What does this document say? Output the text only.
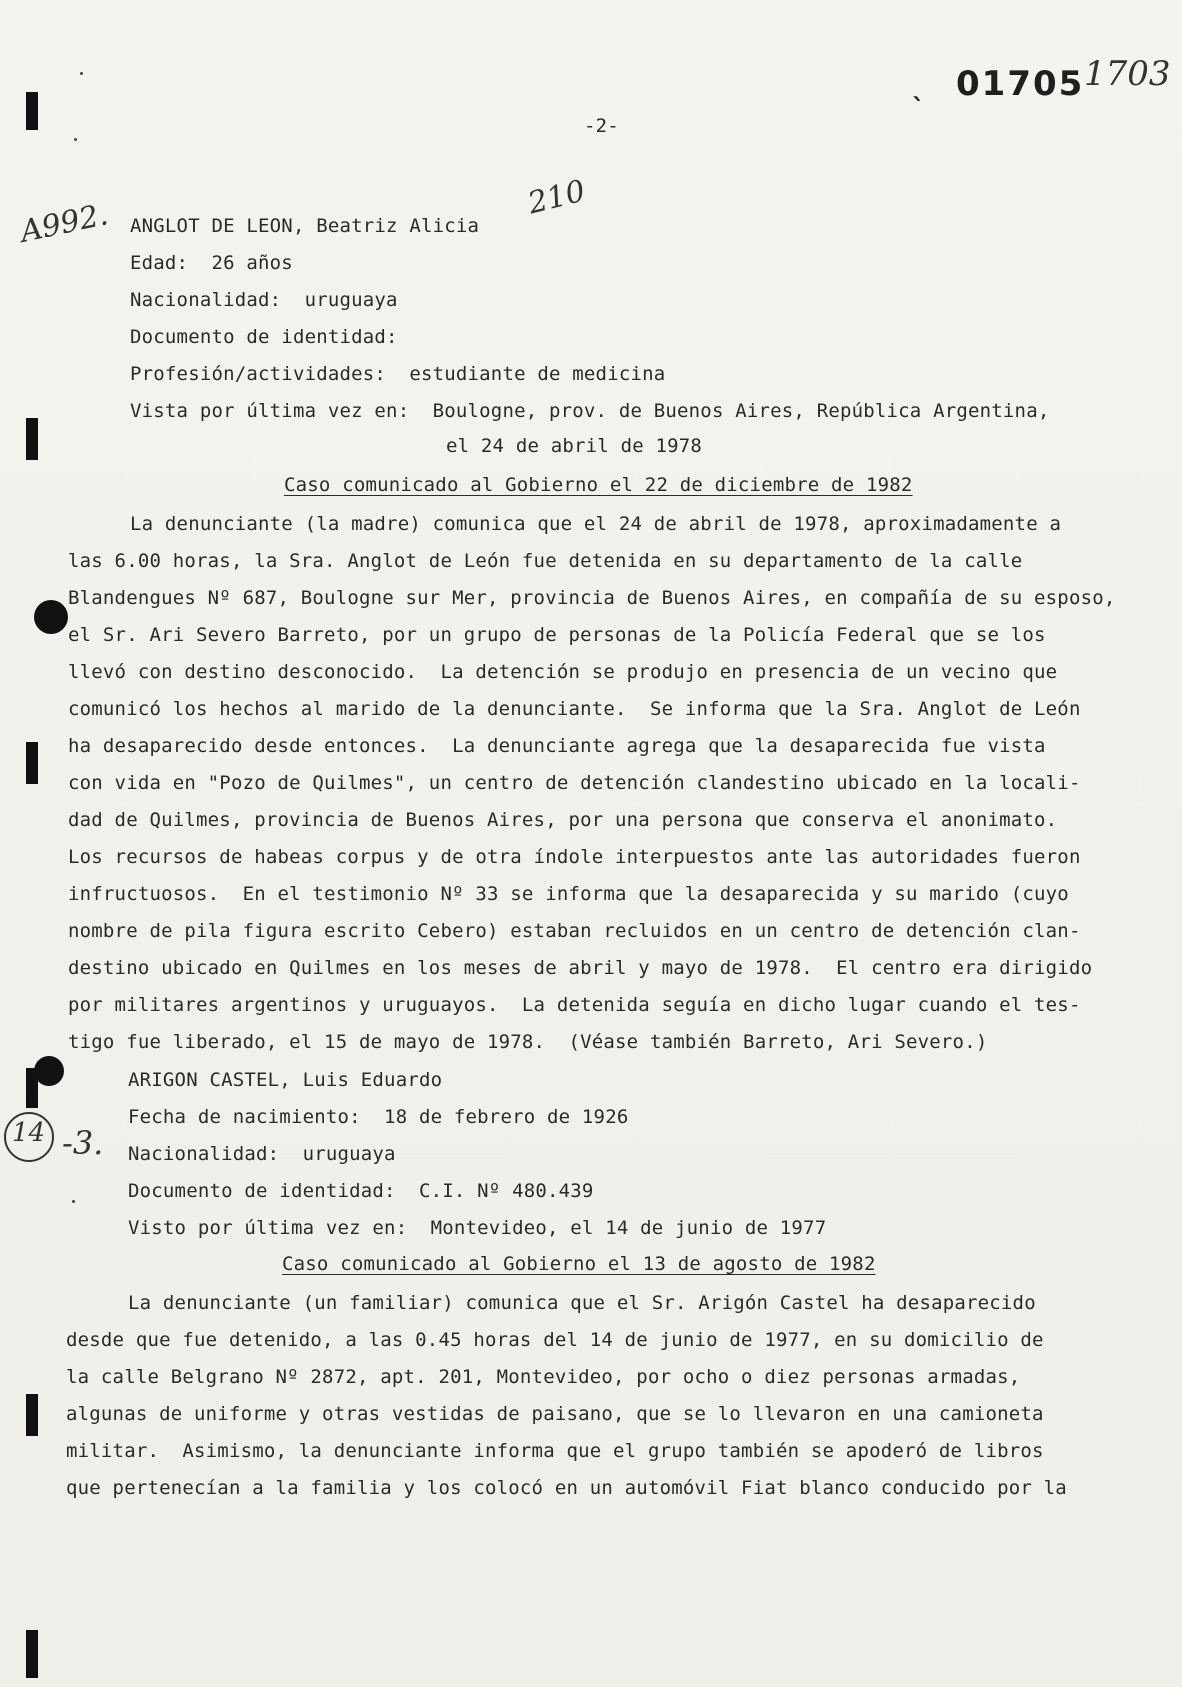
-2-
ˎ 01705 1703
A992.	210
14 -3.
ANGLOT DE LEON, Beatriz Alicia
Edad:  26 años
Nacionalidad:  uruguaya
Documento de identidad:
Profesión/actividades:  estudiante de medicina
Vista por última vez en:  Boulogne, prov. de Buenos Aires, República Argentina,
el 24 de abril de 1978
Caso comunicado al Gobierno el 22 de diciembre de 1982
La denunciante (la madre) comunica que el 24 de abril de 1978, aproximadamente a
las 6.00 horas, la Sra. Anglot de León fue detenida en su departamento de la calle
Blandengues Nº 687, Boulogne sur Mer, provincia de Buenos Aires, en compañía de su esposo,
el Sr. Ari Severo Barreto, por un grupo de personas de la Policía Federal que se los
llevó con destino desconocido.  La detención se produjo en presencia de un vecino que
comunicó los hechos al marido de la denunciante.  Se informa que la Sra. Anglot de León
ha desaparecido desde entonces.  La denunciante agrega que la desaparecida fue vista
con vida en "Pozo de Quilmes", un centro de detención clandestino ubicado en la locali-
dad de Quilmes, provincia de Buenos Aires, por una persona que conserva el anonimato.
Los recursos de habeas corpus y de otra índole interpuestos ante las autoridades fueron
infructuosos.  En el testimonio Nº 33 se informa que la desaparecida y su marido (cuyo
nombre de pila figura escrito Cebero) estaban recluidos en un centro de detención clan-
destino ubicado en Quilmes en los meses de abril y mayo de 1978.  El centro era dirigido
por militares argentinos y uruguayos.  La detenida seguía en dicho lugar cuando el tes-
tigo fue liberado, el 15 de mayo de 1978.  (Véase también Barreto, Ari Severo.)
ARIGON CASTEL, Luis Eduardo
Fecha de nacimiento:  18 de febrero de 1926
Nacionalidad:  uruguaya
Documento de identidad:  C.I. Nº 480.439
Visto por última vez en:  Montevideo, el 14 de junio de 1977
Caso comunicado al Gobierno el 13 de agosto de 1982
La denunciante (un familiar) comunica que el Sr. Arigón Castel ha desaparecido
desde que fue detenido, a las 0.45 horas del 14 de junio de 1977, en su domicilio de
la calle Belgrano Nº 2872, apt. 201, Montevideo, por ocho o diez personas armadas,
algunas de uniforme y otras vestidas de paisano, que se lo llevaron en una camioneta
militar.  Asimismo, la denunciante informa que el grupo también se apoderó de libros
que pertenecían a la familia y los colocó en un automóvil Fiat blanco conducido por la
